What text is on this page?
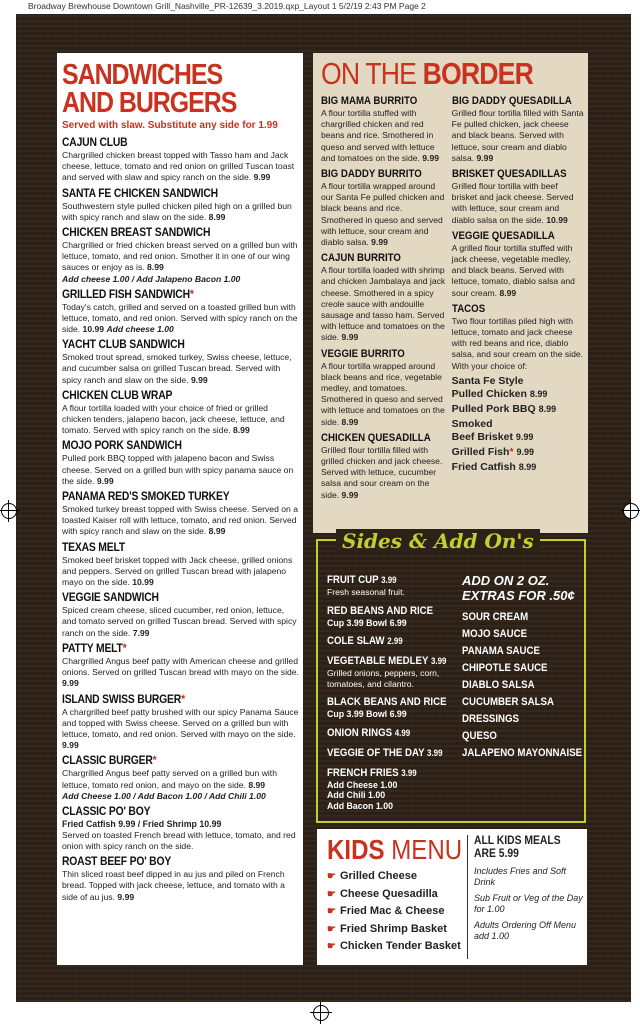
Broadway Brewhouse Downtown Grill_Nashville_PR-12639_3.2019.qxp_Layout 1 5/2/19 2:43 PM Page 2
SANDWICHES
AND BURGERS
Served with slaw. Substitute any side for 1.99
CAJUN CLUB
Chargrilled chicken breast topped with Tasso ham and Jack cheese, lettuce, tomato and red onion on grilled Tuscan toast and served with slaw and spicy ranch on the side. 9.99
SANTA FE CHICKEN SANDWICH
Southwestern style pulled chicken piled high on a grilled bun with spicy ranch and slaw on the side. 8.99
CHICKEN BREAST SANDWICH
Chargrilled or fried chicken breast served on a grilled bun with lettuce, tomato, and red onion. Smother it in one of our wing sauces or enjoy as is. 8.99
Add cheese 1.00 / Add Jalapeno Bacon 1.00
GRILLED FISH SANDWICH*
Today's catch, grilled and served on a toasted grilled bun with lettuce, tomato, and red onion. Served with spicy ranch on the side. 10.99 Add cheese 1.00
YACHT CLUB SANDWICH
Smoked trout spread, smoked turkey, Swiss cheese, lettuce, and cucumber salsa on grilled Tuscan bread. Served with spicy ranch and slaw on the side. 9.99
CHICKEN CLUB WRAP
A flour tortilla loaded with your choice of fried or grilled chicken tenders, jalapeno bacon, jack cheese, lettuce, and tomato. Served with spicy ranch on the side. 8.99
MOJO PORK SANDWICH
Pulled pork BBQ topped with jalapeno bacon and Swiss cheese. Served on a grilled bun with spicy panama sauce on the side. 9.99
PANAMA RED'S SMOKED TURKEY
Smoked turkey breast topped with Swiss cheese. Served on a toasted Kaiser roll with lettuce, tomato, and red onion. Served with spicy ranch and slaw on the side. 8.99
TEXAS MELT
Smoked beef brisket topped with Jack cheese, grilled onions and peppers. Served on grilled Tuscan bread with jalapeno mayo on the side. 10.99
VEGGIE SANDWICH
Spiced cream cheese, sliced cucumber, red onion, lettuce, and tomato served on grilled Tuscan bread. Served with spicy ranch on the side. 7.99
PATTY MELT*
Chargrilled Angus beef patty with American cheese and grilled onions. Served on grilled Tuscan bread with mayo on the side. 9.99
ISLAND SWISS BURGER*
A chargrilled beef patty brushed with our spicy Panama Sauce and topped with Swiss cheese. Served on a grilled bun with lettuce, tomato, and red onion. Served with mayo on the side. 9.99
CLASSIC BURGER*
Chargrilled Angus beef patty served on a grilled bun with lettuce, tomato red onion, and mayo on the side. 8.99
Add Cheese 1.00 / Add Bacon 1.00 / Add Chili 1.00
CLASSIC PO' BOY
Fried Catfish 9.99 / Fried Shrimp 10.99
Served on toasted French bread with lettuce, tomato, and red onion with spicy ranch on the side.
ROAST BEEF PO' BOY
Thin sliced roast beef dipped in au jus and piled on French bread. Topped with jack cheese, lettuce, and tomato with a side of au jus. 9.99
ON THE BORDER
BIG MAMA BURRITO
A flour tortilla stuffed with chargrilled chicken and red beans and rice. Smothered in queso and served with lettuce and tomatoes on the side. 9.99
BIG DADDY BURRITO
A flour tortilla wrapped around our Santa Fe pulled chicken and black beans and rice. Smothered in queso and served with lettuce, sour cream and diablo salsa. 9.99
CAJUN BURRITO
A flour tortilla loaded with shrimp and chicken Jambalaya and jack cheese. Smothered in a spicy creole sauce with andouille sausage and tasso ham. Served with lettuce and tomatoes on the side. 9.99
VEGGIE BURRITO
A flour tortilla wrapped around black beans and rice, vegetable medley, and tomatoes. Smothered in queso and served with lettuce and tomatoes on the side. 8.99
CHICKEN QUESADILLA
Grilled flour tortilla filled with grilled chicken and jack cheese. Served with lettuce, cucumber salsa and sour cream on the side. 9.99
BIG DADDY QUESADILLA
Grilled flour tortilla filled with Santa Fe pulled chicken, jack cheese and black beans. Served with lettuce, sour cream and diablo salsa. 9.99
BRISKET QUESADILLAS
Grilled flour tortilla with beef brisket and jack cheese. Served with lettuce, sour cream and diablo salsa on the side. 10.99
VEGGIE QUESADILLA
A grilled flour tortilla stuffed with jack cheese, vegetable medley, and black beans. Served with lettuce, tomato, diablo salsa and sour cream. 8.99
TACOS
Two flour tortillas piled high with lettuce, tomato and jack cheese with red beans and rice, diablo salsa, and sour cream on the side. With your choice of:
Santa Fe Style
Pulled Chicken 8.99
Pulled Pork BBQ 8.99
Smoked
Beef Brisket 9.99
Grilled Fish* 9.99
Fried Catfish 8.99
Sides & Add On's
FRUIT CUP 3.99
Fresh seasonal fruit.
RED BEANS AND RICE
Cup 3.99 Bowl 6.99
COLE SLAW 2.99
VEGETABLE MEDLEY 3.99
Grilled onions, peppers, corn, tomatoes, and cilantro.
BLACK BEANS AND RICE
Cup 3.99 Bowl 6.99
ONION RINGS 4.99
VEGGIE OF THE DAY 3.99
FRENCH FRIES 3.99
Add Cheese 1.00
Add Chili 1.00
Add Bacon 1.00
ADD ON 2 OZ.
EXTRAS FOR .50¢
SOUR CREAM
MOJO SAUCE
PANAMA SAUCE
CHIPOTLE SAUCE
DIABLO SALSA
CUCUMBER SALSA
DRESSINGS
QUESO
JALAPENO MAYONNAISE
KIDS MENU
☛ Grilled Cheese
☛ Cheese Quesadilla
☛ Fried Mac & Cheese
☛ Fried Shrimp Basket
☛ Chicken Tender Basket
ALL KIDS MEALS
ARE 5.99
Includes Fries and Soft Drink
Sub Fruit or Veg of the Day for 1.00
Adults Ordering Off Menu add 1.00
